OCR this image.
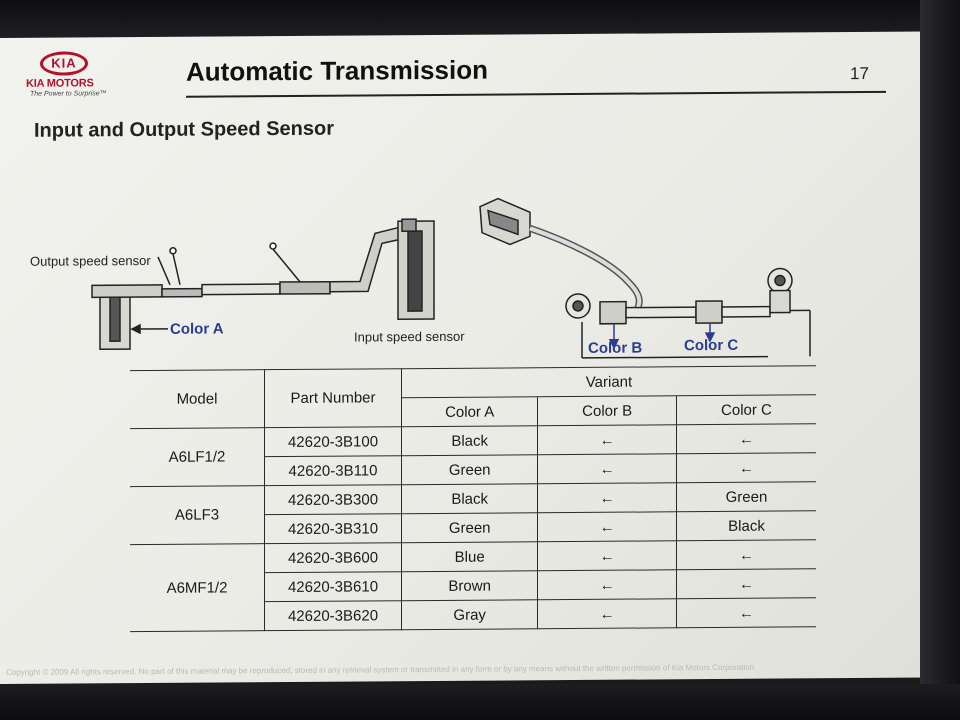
KIA
KIA MOTORS
The Power to Surprise™
Automatic Transmission	17
Input and Output Speed Sensor
Output speed sensor
Color A	Input speed sensor
Color B	Color C
Model	Part Number	Variant		
		Color A	Color B	Color C
A6LF1/2	42620-3B100	Black	←	←
	42620-3B110	Green	←	←
A6LF3	42620-3B300	Black	←	Green
	42620-3B310	Green	←	Black
A6MF1/2	42620-3B600	Blue	←	←
	42620-3B610	Brown	←	←
	42620-3B620	Gray	←	←
Copyright © 2009 All rights reserved. No part of this material may be reproduced, stored in any retrieval system or transmitted in any form or by any means without the written permission of Kia Motors Corporation.
